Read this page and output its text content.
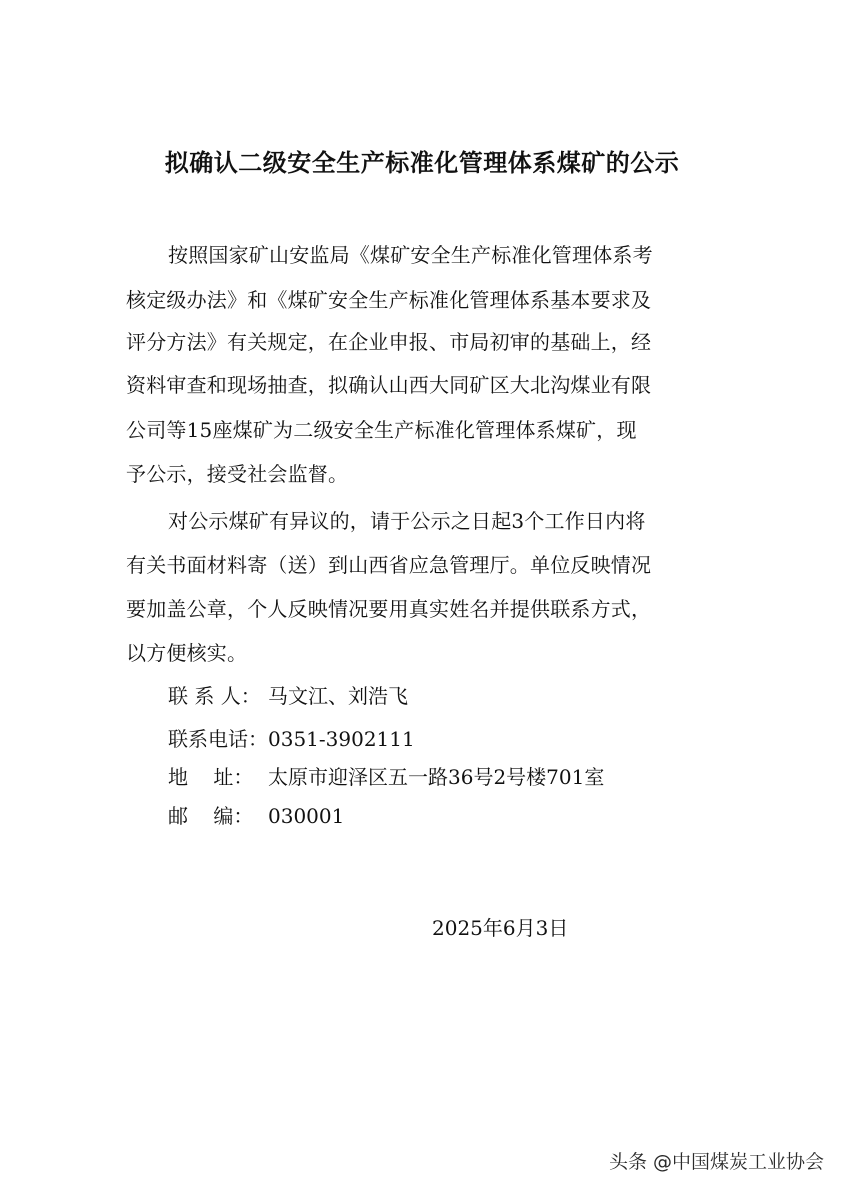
拟确认二级安全生产标准化管理体系煤矿的公示
按照国家矿山安监局《煤矿安全生产标准化管理体系考
核定级办法》和《煤矿安全生产标准化管理体系基本要求及
评分方法》有关规定，在企业申报、市局初审的基础上，经
资料审查和现场抽查，拟确认山西大同矿区大北沟煤业有限
公司等15座煤矿为二级安全生产标准化管理体系煤矿，现
予公示，接受社会监督。
对公示煤矿有异议的，请于公示之日起3个工作日内将
有关书面材料寄（送）到山西省应急管理厅。单位反映情况
要加盖公章，个人反映情况要用真实姓名并提供联系方式，
以方便核实。
联 系 人： 马文江、刘浩飞
联系电话：0351-3902111
地    址： 太原市迎泽区五一路36号2号楼701室
邮    编： 030001
2025年6月3日
头条 @中国煤炭工业协会
